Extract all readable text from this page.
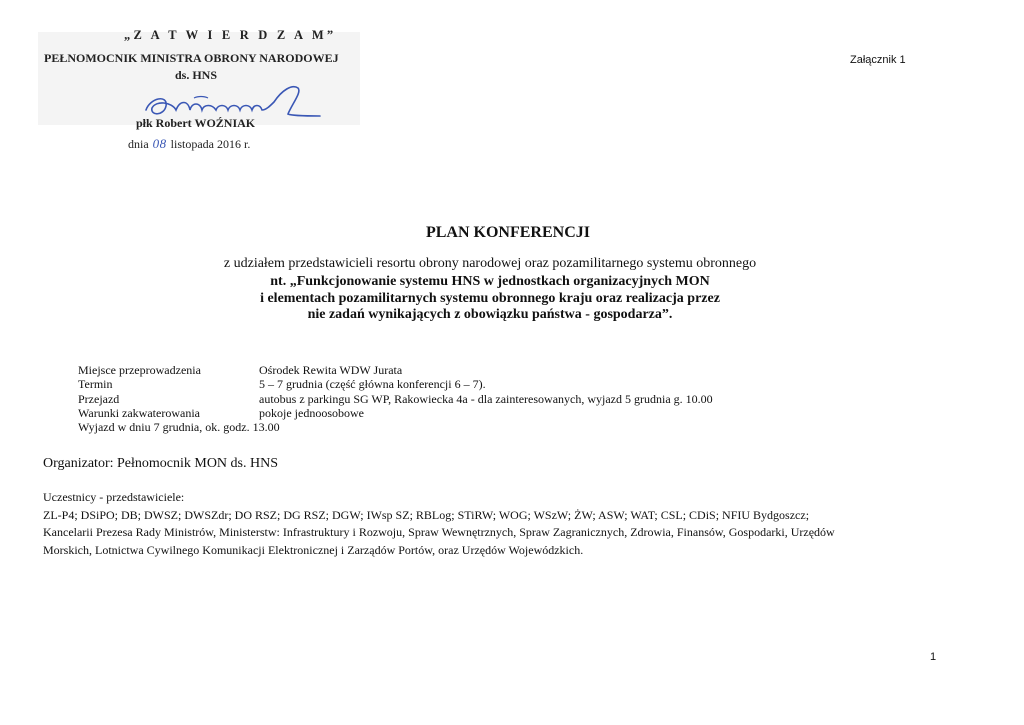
„Z A T W I E R D Z A M”
PEŁNOMOCNIK MINISTRA OBRONY NARODOWEJ
ds. HNS
płk Robert WOŹNIAK
dnia 08 listopada 2016 r.
Załącznik 1
PLAN KONFERENCJI
z udziałem przedstawicieli resortu obrony narodowej oraz pozamilitarnego systemu obronnego
nt. „Funkcjonowanie systemu HNS w jednostkach organizacyjnych MON
i elementach pozamilitarnych systemu obronnego kraju oraz realizacja przez
nie zadań wynikających z obowiązku państwa - gospodarza”.
Miejsce przeprowadzenia	Ośrodek Rewita WDW Jurata
Termin	5 – 7 grudnia (część główna konferencji 6 – 7).
Przejazd	autobus z parkingu SG WP, Rakowiecka 4a - dla zainteresowanych, wyjazd 5 grudnia g. 10.00
Warunki zakwaterowania	pokoje jednoosobowe
Wyjazd w dniu 7 grudnia, ok. godz. 13.00
Organizator: Pełnomocnik MON ds. HNS
Uczestnicy - przedstawiciele:
ZL-P4; DSiPO; DB; DWSZ; DWSZdr; DO RSZ; DG RSZ; DGW; IWsp SZ; RBLog; STiRW; WOG; WSzW; ŻW; ASW; WAT; CSL; CDiS; NFIU Bydgoszcz;
Kancelarii Prezesa Rady Ministrów, Ministerstw: Infrastruktury i Rozwoju, Spraw Wewnętrznych, Spraw Zagranicznych, Zdrowia, Finansów, Gospodarki, Urzędów
Morskich, Lotnictwa Cywilnego Komunikacji Elektronicznej i Zarządów Portów, oraz Urzędów Wojewódzkich.
1
